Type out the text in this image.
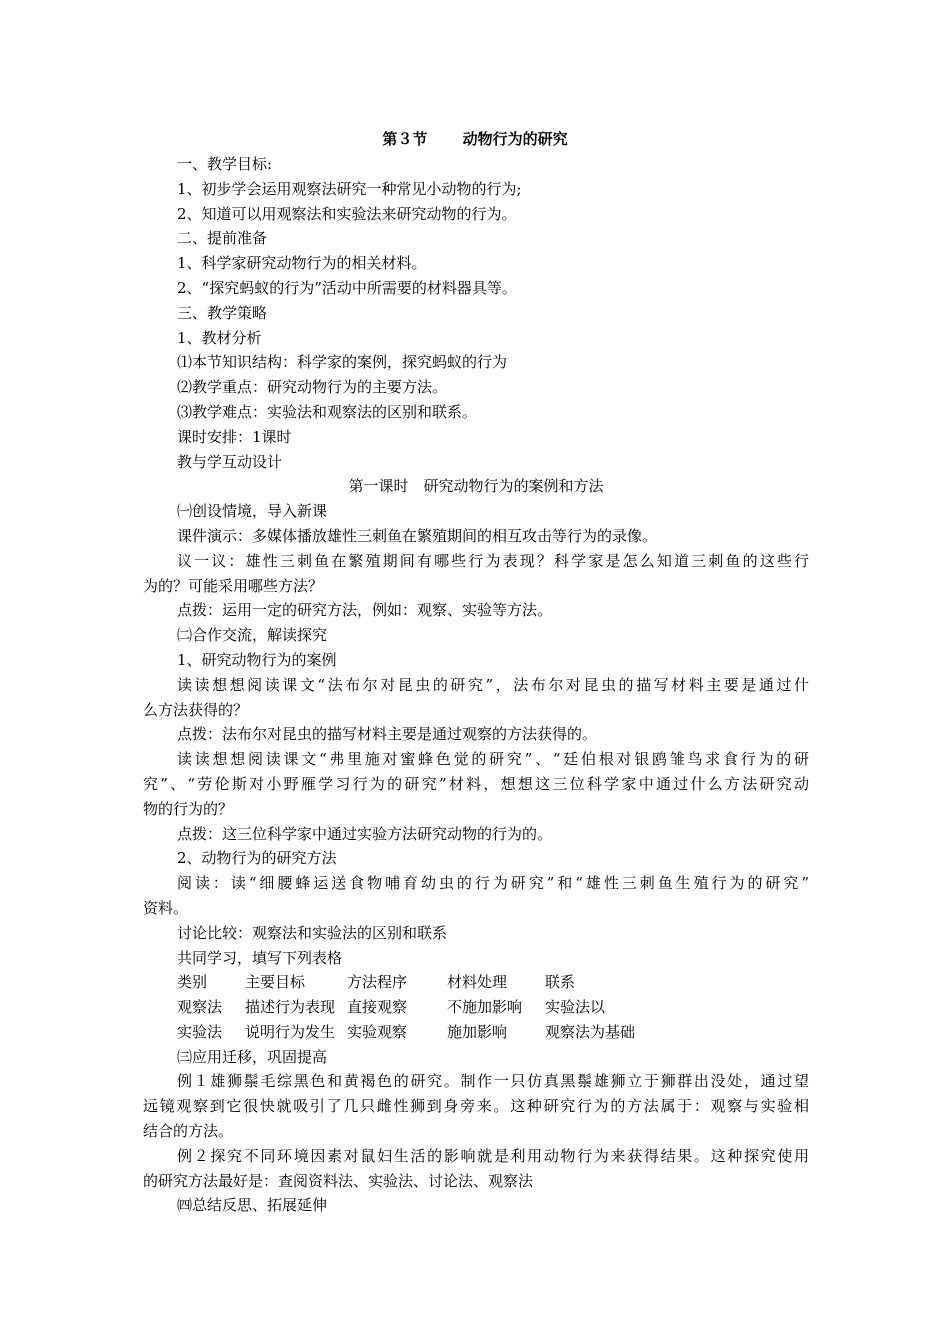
第３节　　 动物行为的研究
一、教学目标:
1、初步学会运用观察法研究一种常见小动物的行为;
2、知道可以用观察法和实验法来研究动物的行为。
二、提前准备
1、科学家研究动物行为的相关材料。
2、“探究蚂蚁的行为”活动中所需要的材料器具等。
三、教学策略
1、教材分析
⑴本节知识结构：科学家的案例，探究蚂蚁的行为
⑵教学重点：研究动物行为的主要方法。
⑶教学难点：实验法和观察法的区别和联系。
课时安排：1课时
教与学互动设计
第一课时　研究动物行为的案例和方法
㈠创设情境，导入新课
课件演示：多媒体播放雄性三刺鱼在繁殖期间的相互攻击等行为的录像。
议一议：雄性三刺鱼在繁殖期间有哪些行为表现？科学家是怎么知道三刺鱼的这些行
为的？可能采用哪些方法？
点拨：运用一定的研究方法，例如：观察、实验等方法。
㈡合作交流，解读探究
1、研究动物行为的案例
读读想想阅读课文“法布尔对昆虫的研究”，法布尔对昆虫的描写材料主要是通过什
么方法获得的？
点拨：法布尔对昆虫的描写材料主要是通过观察的方法获得的。
读读想想阅读课文“弗里施对蜜蜂色觉的研究”、“廷伯根对银鸥雏鸟求食行为的研
究”、“劳伦斯对小野雁学习行为的研究”材料，想想这三位科学家中通过什么方法研究动
物的行为的？
点拨：这三位科学家中通过实验方法研究动物的行为的。
2、动物行为的研究方法
阅读：读“细腰蜂运送食物哺育幼虫的行为研究”和“雄性三刺鱼生殖行为的研究”
资料。
讨论比较：观察法和实验法的区别和联系
共同学习，填写下列表格
类别	主要目标	方法程序	材料处理	联系
观察法 描述行为表现 直接观察	不施加影响 实验法以
实验法 说明行为发生 实验观察	施加影响	观察法为基础
㈢应用迁移，巩固提高
例１雄狮鬃毛综黑色和黄褐色的研究。制作一只仿真黑鬃雄狮立于狮群出没处，通过望
远镜观察到它很快就吸引了几只雌性狮到身旁来。这种研究行为的方法属于：观察与实验相
结合的方法。
例２探究不同环境因素对鼠妇生活的影响就是利用动物行为来获得结果。这种探究使用
的研究方法最好是：查阅资料法、实验法、讨论法、观察法
㈣总结反思、拓展延伸
